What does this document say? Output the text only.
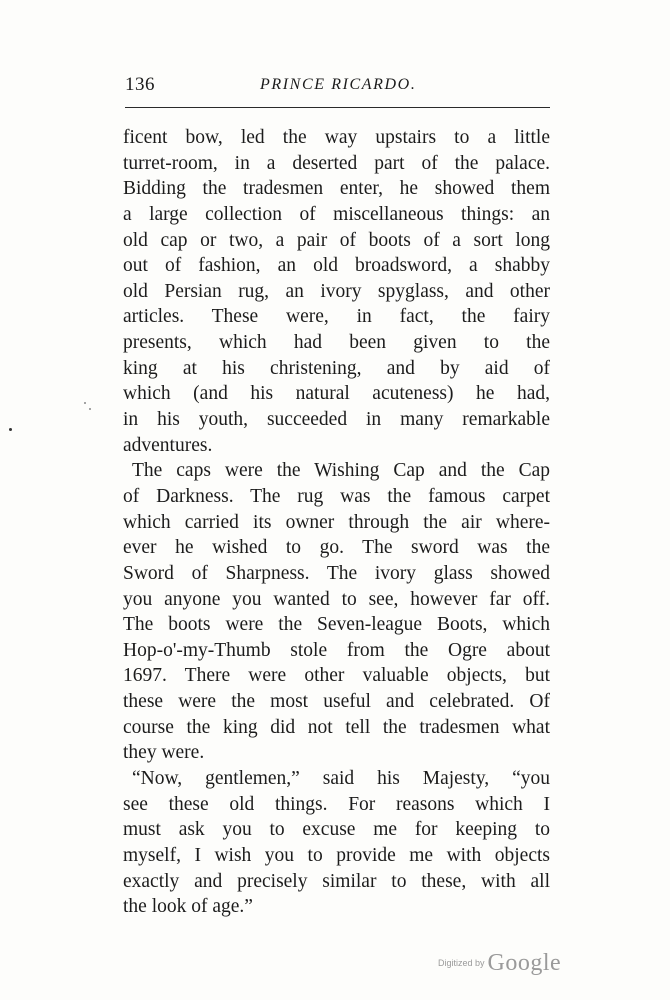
136	PRINCE RICARDO.
ficent bow, led the way upstairs to a little
turret-room, in a deserted part of the palace.
Bidding the tradesmen enter, he showed them
a large collection of miscellaneous things: an
old cap or two, a pair of boots of a sort long
out of fashion, an old broadsword, a shabby
old Persian rug, an ivory spyglass, and other
articles. These were, in fact, the fairy
presents, which had been given to the
king at his christening, and by aid of
which (and his natural acuteness) he had,
in his youth, succeeded in many remarkable
adventures.
The caps were the Wishing Cap and the Cap
of Darkness. The rug was the famous carpet
which carried its owner through the air where-
ever he wished to go. The sword was the
Sword of Sharpness. The ivory glass showed
you anyone you wanted to see, however far off.
The boots were the Seven-league Boots, which
Hop-o'-my-Thumb stole from the Ogre about
1697. There were other valuable objects, but
these were the most useful and celebrated. Of
course the king did not tell the tradesmen what
they were.
“Now, gentlemen,” said his Majesty, “you
see these old things. For reasons which I
must ask you to excuse me for keeping to
myself, I wish you to provide me with objects
exactly and precisely similar to these, with all
the look of age.”
$^{Digitized by}$ Google
